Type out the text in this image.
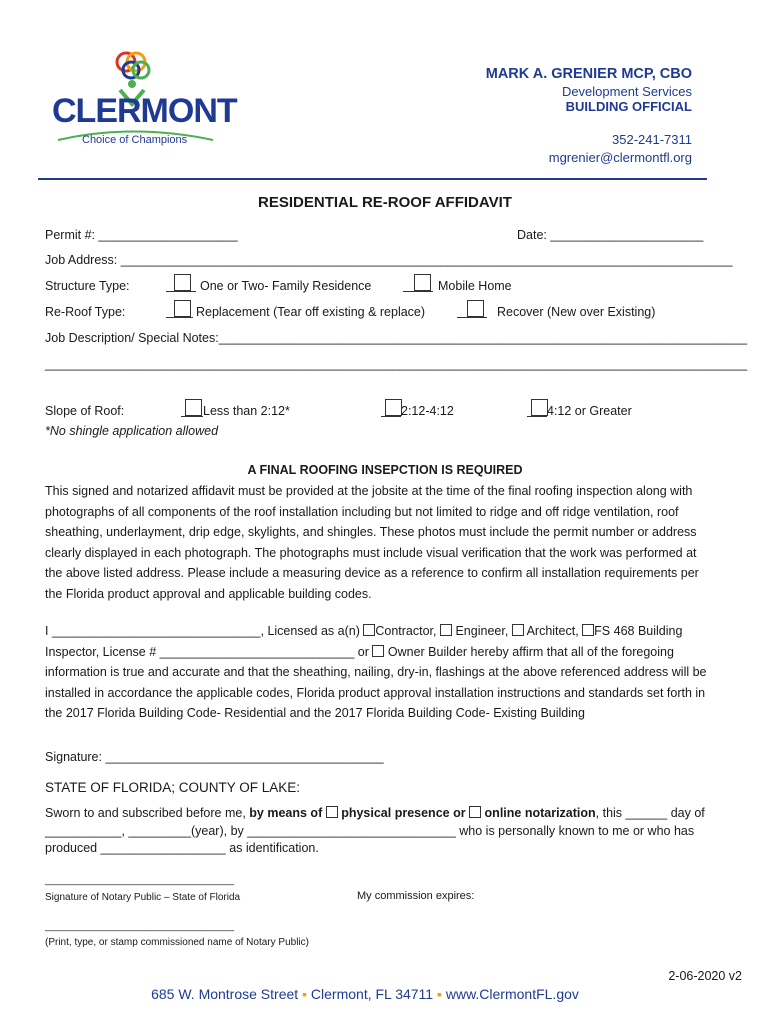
CLERMONT
Choice of Champions
MARK A. GRENIER MCP, CBO
Development Services
BUILDING OFFICIAL
352-241-7311
mgrenier@clermontfl.org
RESIDENTIAL RE-ROOF AFFIDAVIT
Permit #: ____________________	Date: ______________________
Job Address: ________________________________________________________________________________________
Structure Type:	One or Two- Family Residence	Mobile Home
Re-Roof Type:	Replacement (Tear off existing & replace)	Recover (New over Existing)
Job Description/ Special Notes:____________________________________________________________________________
_____________________________________________________________________________________________________
Slope of Roof:	Less than 2:12*	2:12-4:12	4:12 or Greater
*No shingle application allowed
A FINAL ROOFING INSEPCTION IS REQUIRED

This signed and notarized affidavit must be provided at the jobsite at the time of the final roofing inspection along with

photographs of all components of the roof installation including but not limited to ridge and off ridge ventilation, roof

sheathing, underlayment, drip edge, skylights, and shingles. These photos must include the permit number or address

clearly displayed in each photograph. The photographs must include visual verification that the work was performed at

the above listed address. Please include a measuring device as a reference to confirm all installation requirements per

the Florida product approval and applicable building codes.

I ______________________________, Licensed as a(n) Contractor, Engineer, Architect, FS 468 Building

Inspector, License # ____________________________ or Owner Builder hereby affirm that all of the foregoing

information is true and accurate and that the sheathing, nailing, dry-in, flashings at the above referenced address will be

installed in accordance the applicable codes, Florida product approval installation instructions and standards set forth in

the 2017 Florida Building Code- Residential and the 2017 Florida Building Code- Existing Building

Signature: ________________________________________
STATE OF FLORIDA; COUNTY OF LAKE:

Sworn to and subscribed before me, by means of physical presence or online notarization, this ______ day of

___________, _________(year), by ______________________________ who is personally known to me or who has

produced __________________ as identification.

__________________________________
Signature of Notary Public – State of Florida	My commission expires:
__________________________________
(Print, type, or stamp commissioned name of Notary Public)
2-06-2020 v2
685 W. Montrose Street ▪ Clermont, FL 34711 ▪ www.ClermontFL.gov
